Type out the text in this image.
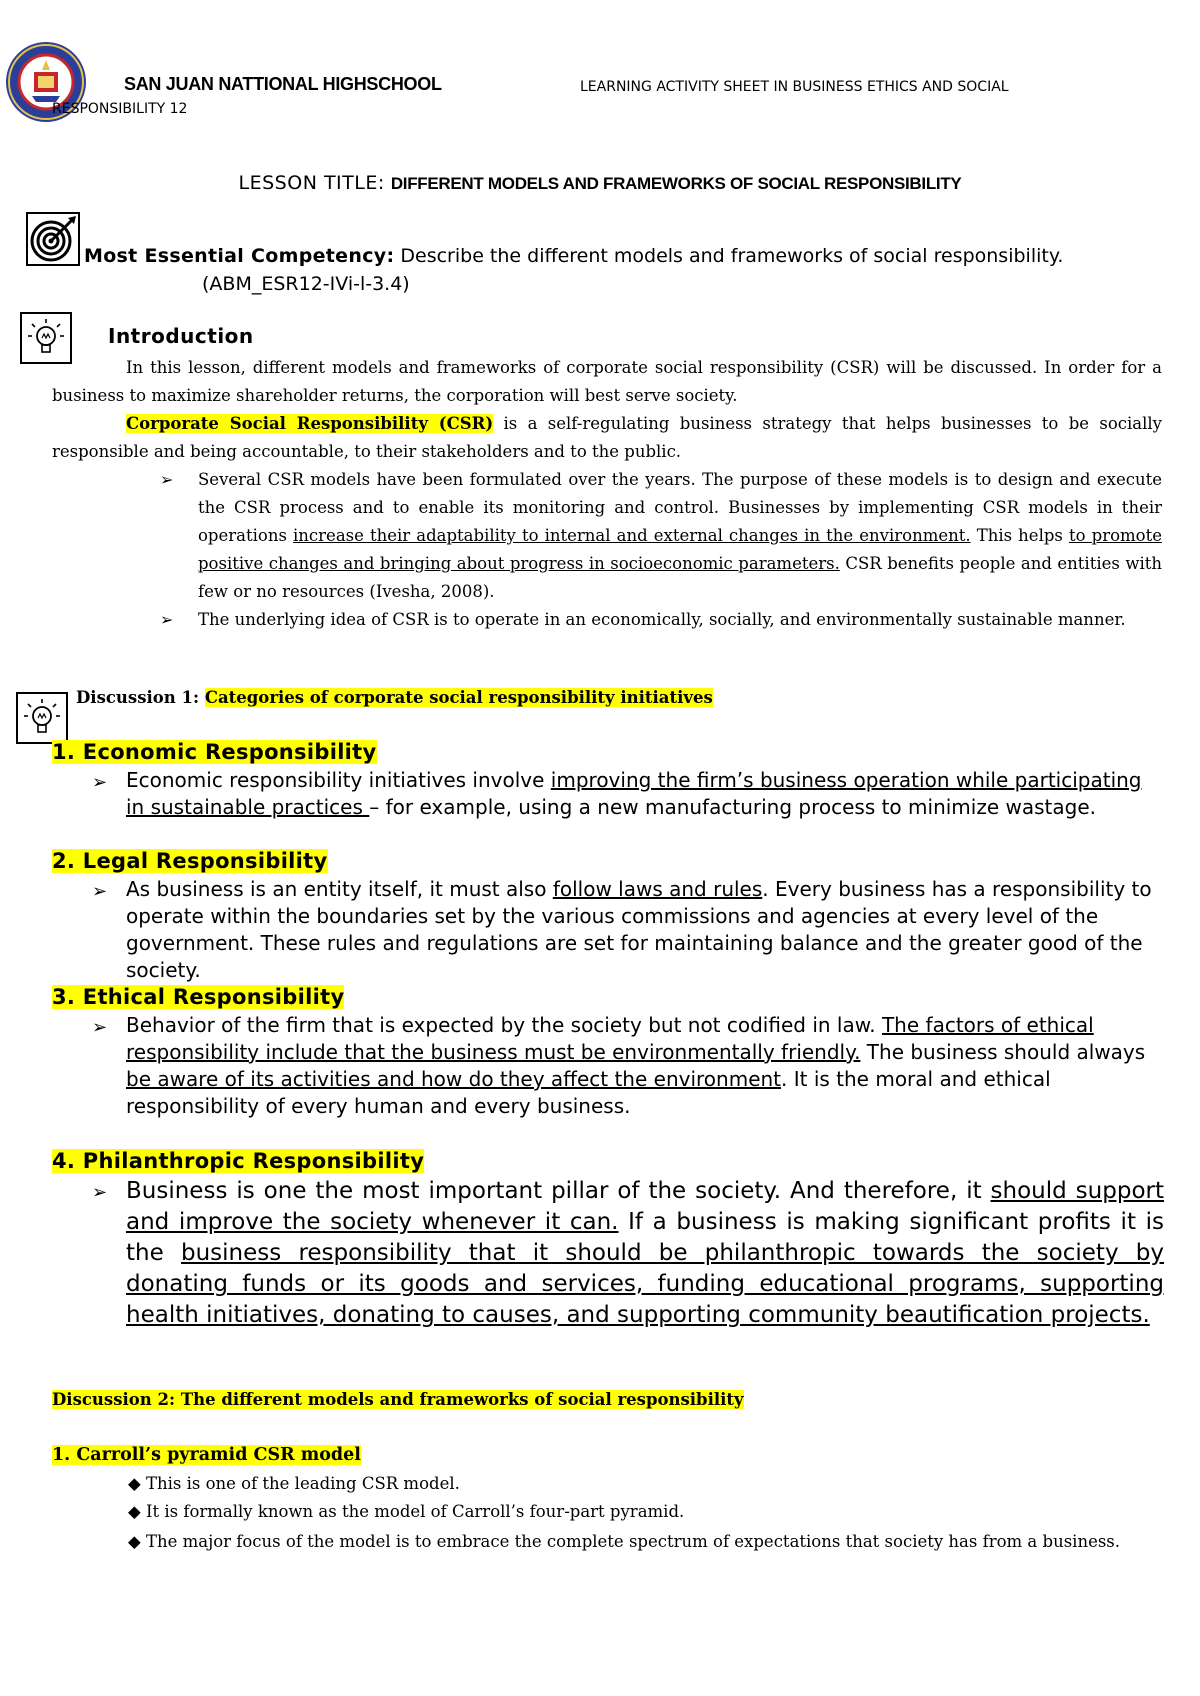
SAN JUAN NATTIONAL HIGHSCHOOL	LEARNING ACTIVITY SHEET IN BUSINESS ETHICS AND SOCIAL
RESPONSIBILITY 12
LESSON TITLE: DIFFERENT MODELS AND FRAMEWORKS OF SOCIAL RESPONSIBILITY
Most Essential Competency: Describe the different models and frameworks of social responsibility.(ABM_ESR12-IVi-l-3.4)
Introduction
In this lesson, different models and frameworks of corporate social responsibility (CSR) will be discussed. In order for a business to maximize shareholder returns, the corporation will best serve society.
Corporate Social Responsibility (CSR) is a self-regulating business strategy that helps businesses to be socially responsible and being accountable, to their stakeholders and to the public.
➢ Several CSR models have been formulated over the years. The purpose of these models is to design and execute the CSR process and to enable its monitoring and control. Businesses by implementing CSR models in their operations increase their adaptability to internal and external changes in the environment. This helps to promote positive changes and bringing about progress in socioeconomic parameters. CSR benefits people and entities with few or no resources (Ivesha, 2008).
➢ The underlying idea of CSR is to operate in an economically, socially, and environmentally sustainable manner.
Discussion 1: Categories of corporate social responsibility initiatives
1. Economic Responsibility
➢ Economic responsibility initiatives involve improving the firm’s business operation while participating in sustainable practices – for example, using a new manufacturing process to minimize wastage.
2. Legal Responsibility
➢ As business is an entity itself, it must also follow laws and rules. Every business has a responsibility to operate within the boundaries set by the various commissions and agencies at every level of the government. These rules and regulations are set for maintaining balance and the greater good of the society.
3. Ethical Responsibility
➢ Behavior of the firm that is expected by the society but not codified in law. The factors of ethical responsibility include that the business must be environmentally friendly. The business should always be aware of its activities and how do they affect the environment. It is the moral and ethical responsibility of every human and every business.
4. Philanthropic Responsibility
➢ Business is one the most important pillar of the society. And therefore, it should support and improve the society whenever it can. If a business is making significant profits it is the business responsibility that it should be philanthropic towards the society by donating funds or its goods and services, funding educational programs, supporting health initiatives, donating to causes, and supporting community beautification projects.
Discussion 2: The different models and frameworks of social responsibility
1. Carroll’s pyramid CSR model
◆ This is one of the leading CSR model.
◆ It is formally known as the model of Carroll’s four-part pyramid.
◆ The major focus of the model is to embrace the complete spectrum of expectations that society has from a business.
